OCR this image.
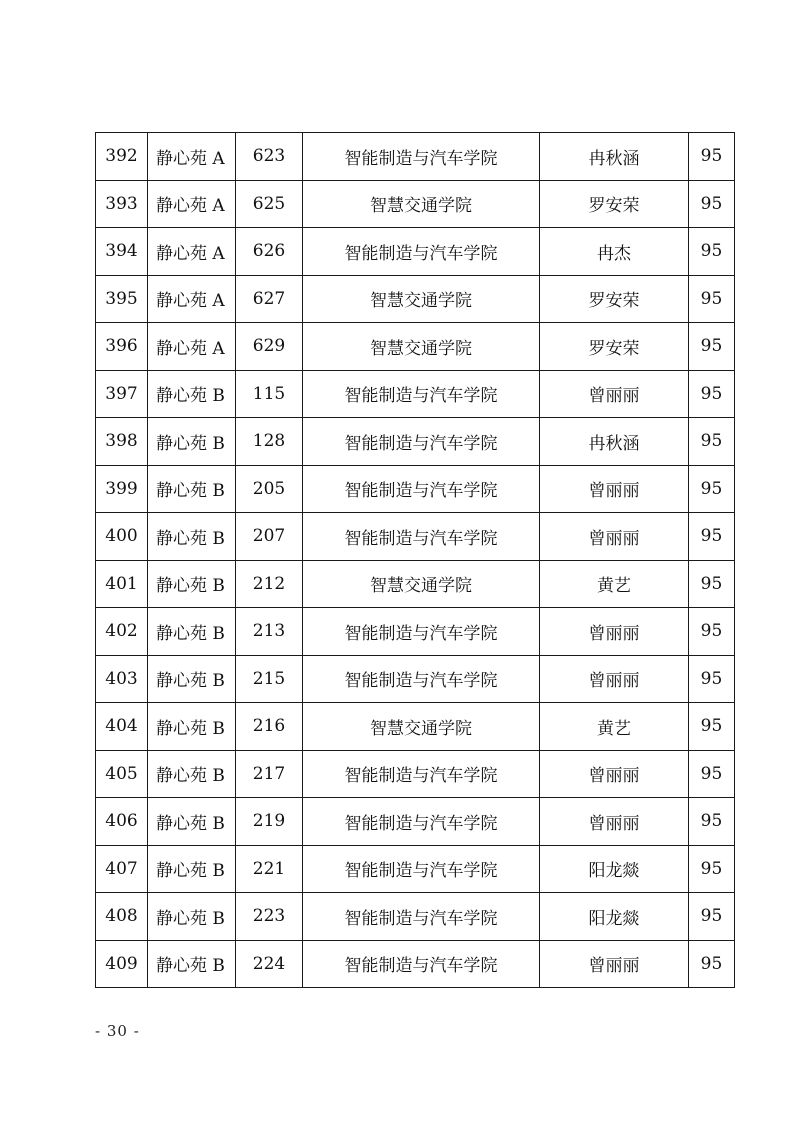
392	静心苑 A	623	智能制造与汽车学院	冉秋涵	95
393	静心苑 A	625	智慧交通学院	罗安荣	95
394	静心苑 A	626	智能制造与汽车学院	冉杰	95
395	静心苑 A	627	智慧交通学院	罗安荣	95
396	静心苑 A	629	智慧交通学院	罗安荣	95
397	静心苑 B	115	智能制造与汽车学院	曾丽丽	95
398	静心苑 B	128	智能制造与汽车学院	冉秋涵	95
399	静心苑 B	205	智能制造与汽车学院	曾丽丽	95
400	静心苑 B	207	智能制造与汽车学院	曾丽丽	95
401	静心苑 B	212	智慧交通学院	黄艺	95
402	静心苑 B	213	智能制造与汽车学院	曾丽丽	95
403	静心苑 B	215	智能制造与汽车学院	曾丽丽	95
404	静心苑 B	216	智慧交通学院	黄艺	95
405	静心苑 B	217	智能制造与汽车学院	曾丽丽	95
406	静心苑 B	219	智能制造与汽车学院	曾丽丽	95
407	静心苑 B	221	智能制造与汽车学院	阳龙燚	95
408	静心苑 B	223	智能制造与汽车学院	阳龙燚	95
409	静心苑 B	224	智能制造与汽车学院	曾丽丽	95
- 30 -
